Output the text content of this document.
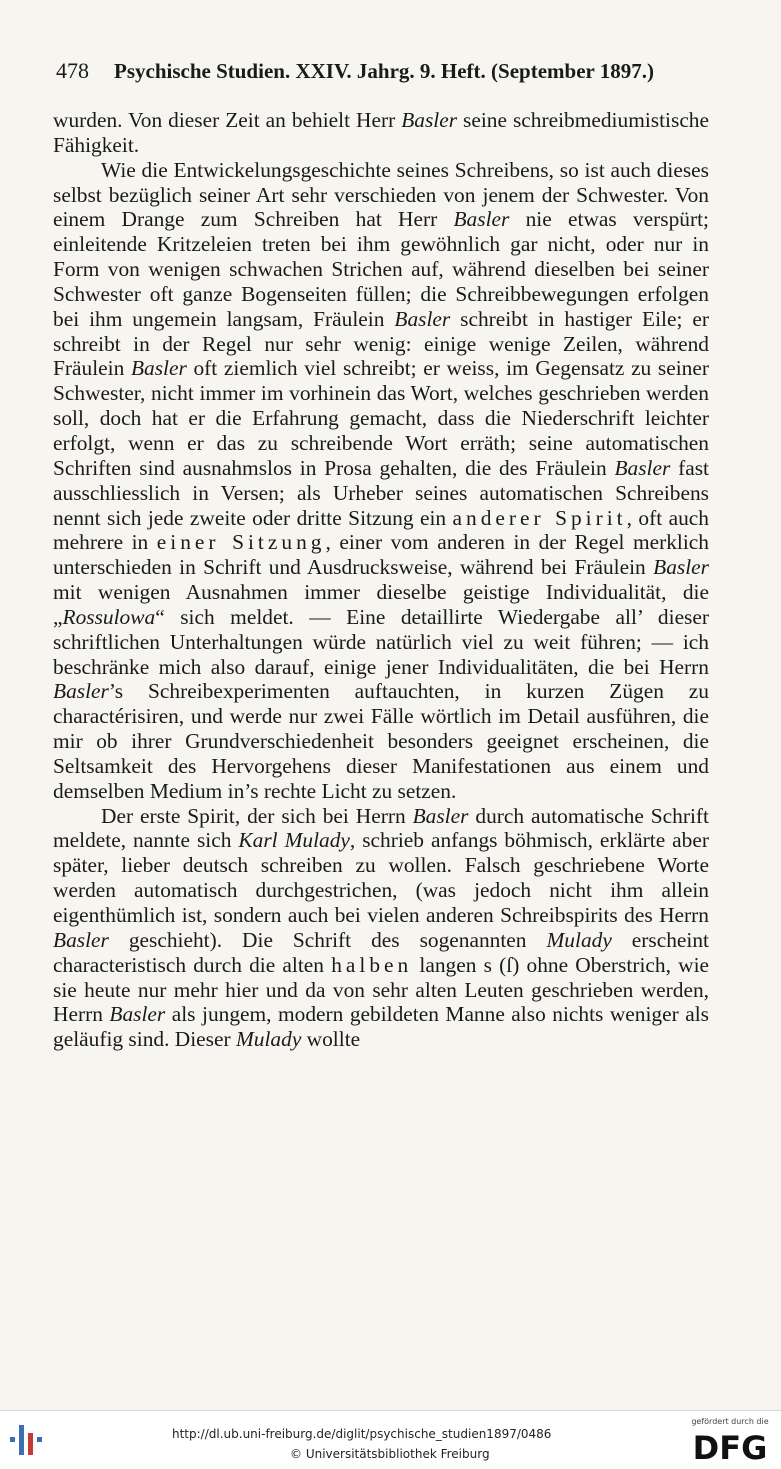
478 Psychische Studien. XXIV. Jahrg. 9. Heft. (September 1897.)

wurden. Von dieser Zeit an behielt Herr Basler seine schreibmediumistische Fähigkeit.

Wie die Entwickelungsgeschichte seines Schreibens, so ist auch dieses selbst bezüglich seiner Art sehr verschieden von jenem der Schwester. Von einem Drange zum Schreiben hat Herr Basler nie etwas verspürt; einleitende Kritzeleien treten bei ihm gewöhnlich gar nicht, oder nur in Form von wenigen schwachen Strichen auf, während dieselben bei seiner Schwester oft ganze Bogenseiten füllen; die Schreibbewegungen erfolgen bei ihm ungemein langsam, Fräulein Basler schreibt in hastiger Eile; er schreibt in der Regel nur sehr wenig: einige wenige Zeilen, während Fräulein Basler oft ziemlich viel schreibt; er weiss, im Gegensatz zu seiner Schwester, nicht immer im vorhinein das Wort, welches geschrieben werden soll, doch hat er die Erfahrung gemacht, dass die Niederschrift leichter erfolgt, wenn er das zu schreibende Wort erräth; seine automatischen Schriften sind ausnahmslos in Prosa gehalten, die des Fräulein Basler fast ausschliesslich in Versen; als Urheber seines automatischen Schreibens nennt sich jede zweite oder dritte Sitzung ein anderer Spirit, oft auch mehrere in einer Sitzung, einer vom anderen in der Regel merklich unterschieden in Schrift und Ausdrucksweise, während bei Fräulein Basler mit wenigen Ausnahmen immer dieselbe geistige Individualität, die „Rossulowa“ sich meldet. — Eine detaillirte Wiedergabe all’ dieser schriftlichen Unterhaltungen würde natürlich viel zu weit führen; — ich beschränke mich also darauf, einige jener Individualitäten, die bei Herrn Basler’s Schreibexperimenten auftauchten, in kurzen Zügen zu charactérisiren, und werde nur zwei Fälle wörtlich im Detail ausführen, die mir ob ihrer Grundverschiedenheit besonders geeignet erscheinen, die Seltsamkeit des Hervorgehens dieser Manifestationen aus einem und demselben Medium in’s rechte Licht zu setzen.

Der erste Spirit, der sich bei Herrn Basler durch automatische Schrift meldete, nannte sich Karl Mulady, schrieb anfangs böhmisch, erklärte aber später, lieber deutsch schreiben zu wollen. Falsch geschriebene Worte werden automatisch durchgestrichen, (was jedoch nicht ihm allein eigenthümlich ist, sondern auch bei vielen anderen Schreibspirits des Herrn Basler geschieht). Die Schrift des sogenannten Mulady erscheint characteristisch durch die alten halben langen s (ſ) ohne Oberstrich, wie sie heute nur mehr hier und da von sehr alten Leuten geschrieben werden, Herrn Basler als jungem, modern gebildeten Manne also nichts weniger als geläufig sind. Dieser Mulady wollte

http://dl.ub.uni-freiburg.de/diglit/psychische_studien1897/0486
© Universitätsbibliothek Freiburg
gefördert durch die
DFG
